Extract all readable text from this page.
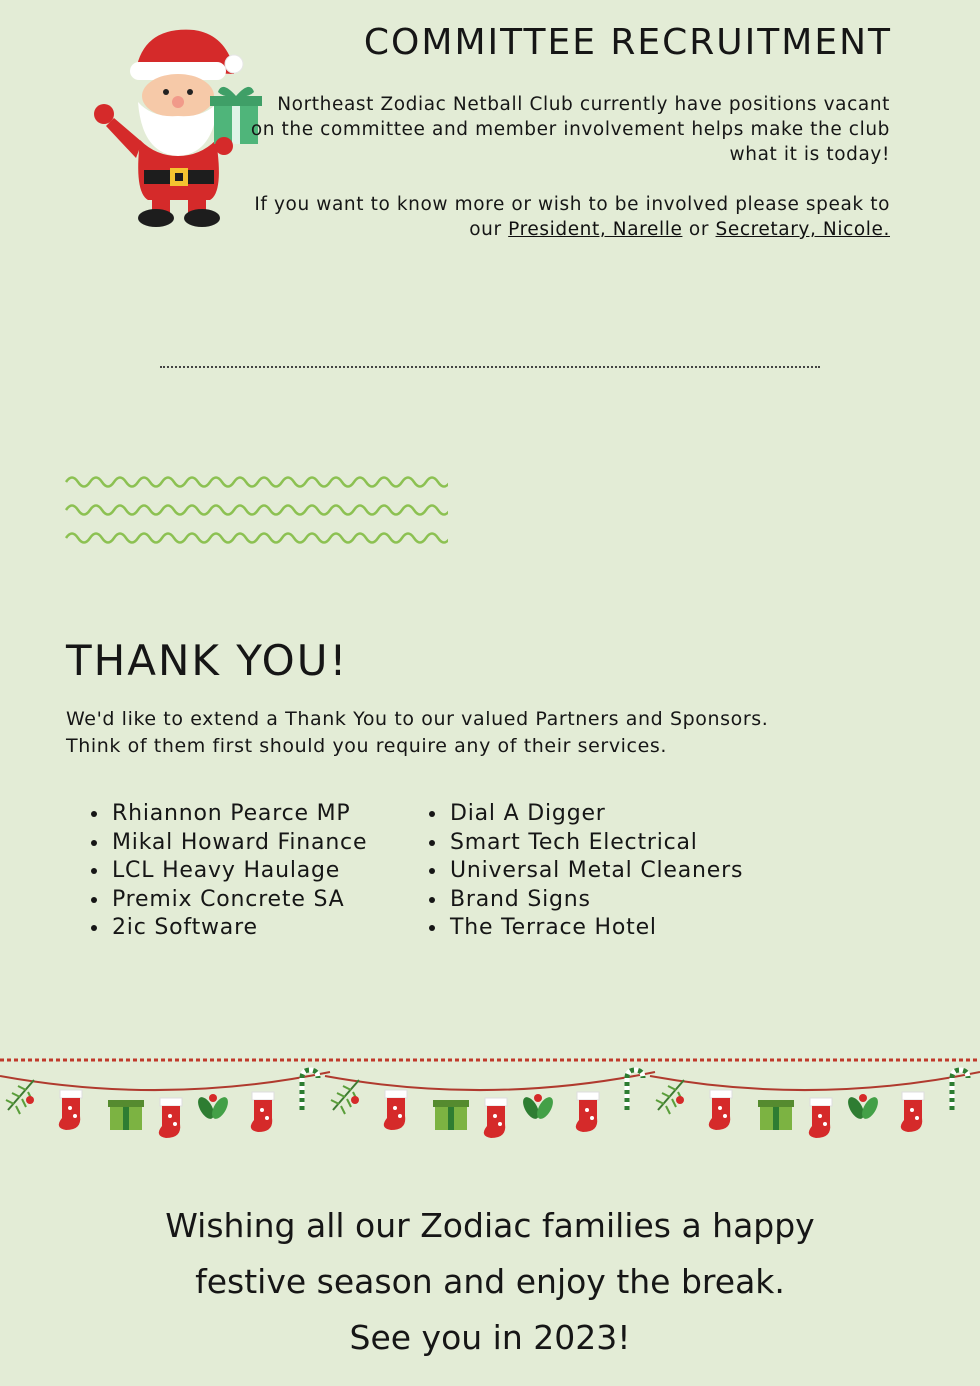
COMMITTEE RECRUITMENT

Northeast Zodiac Netball Club currently have positions vacant on the committee and member involvement helps make the club what it is today!

If you want to know more or wish to be involved please speak to our President, Narelle or Secretary, Nicole.

THANK YOU!

We'd like to extend a Thank You to our valued Partners and Sponsors.

Think of them first should you require any of their services.

• Rhiannon Pearce MP
• Mikal Howard Finance
• LCL Heavy Haulage
• Premix Concrete SA
• 2ic Software
• Dial A Digger
• Smart Tech Electrical
• Universal Metal Cleaners
• Brand Signs
• The Terrace Hotel
Wishing all our Zodiac families a happy
festive season and enjoy the break.
See you in 2023!
